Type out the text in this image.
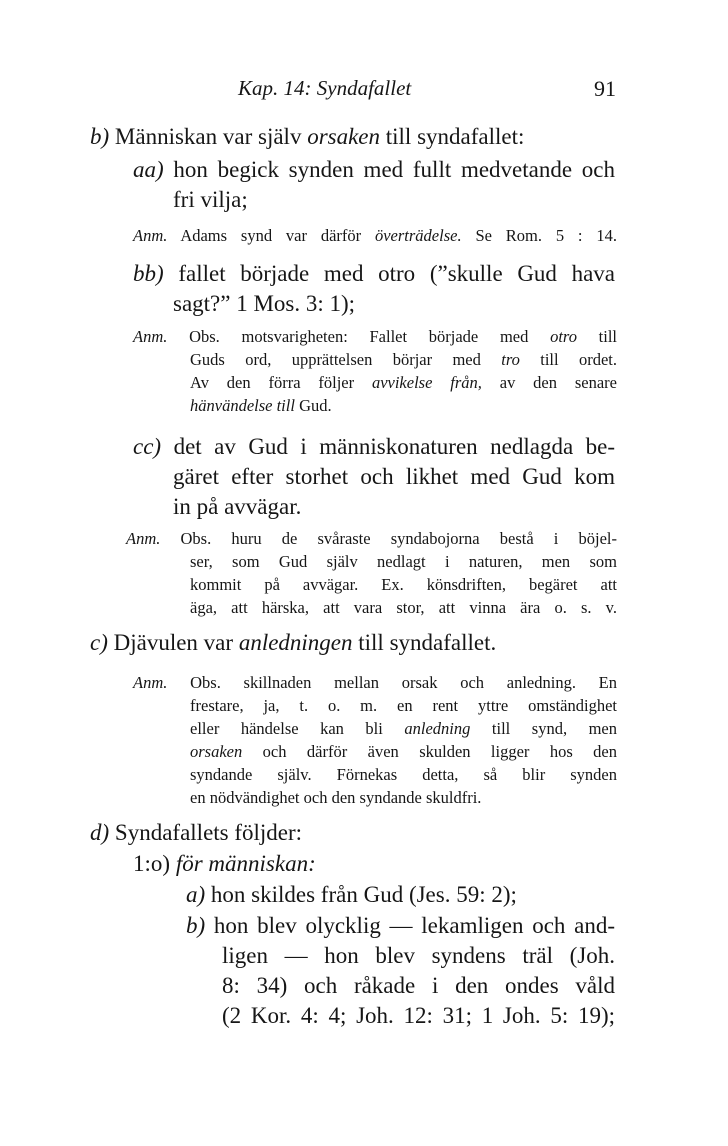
Kap. 14: Syndafallet	91

b) Människan var själv orsaken till syndafallet:

aa) hon begick synden med fullt medvetande och
fri vilja;
Anm. Adams synd var därför överträdelse. Se Rom. 5 : 14.
bb) fallet började med otro (”skulle Gud hava
sagt?” 1 Mos. 3: 1);
Anm. Obs. motsvarigheten: Fallet började med otro till
Guds ord, upprättelsen börjar med tro till ordet.
Av den förra följer avvikelse från, av den senare
hänvändelse till Gud.
cc) det av Gud i människonaturen nedlagda be-
gäret efter storhet och likhet med Gud kom
in på avvägar.
Anm. Obs. huru de svåraste syndabojorna bestå i böjel-
ser, som Gud själv nedlagt i naturen, men som
kommit på avvägar. Ex. könsdriften, begäret att
äga, att härska, att vara stor, att vinna ära o. s. v.

c) Djävulen var anledningen till syndafallet.

Anm. Obs. skillnaden mellan orsak och anledning. En
frestare, ja, t. o. m. en rent yttre omständighet
eller händelse kan bli anledning till synd, men
orsaken och därför även skulden ligger hos den
syndande själv. Förnekas detta, så blir synden
en nödvändighet och den syndande skuldfri.

d) Syndafallets följder:

1:o) för människan:

a) hon skildes från Gud (Jes. 59: 2);

b) hon blev olycklig — lekamligen och and-
ligen — hon blev syndens träl (Joh.
8: 34) och råkade i den ondes våld
(2 Kor. 4: 4; Joh. 12: 31; 1 Joh. 5: 19);
